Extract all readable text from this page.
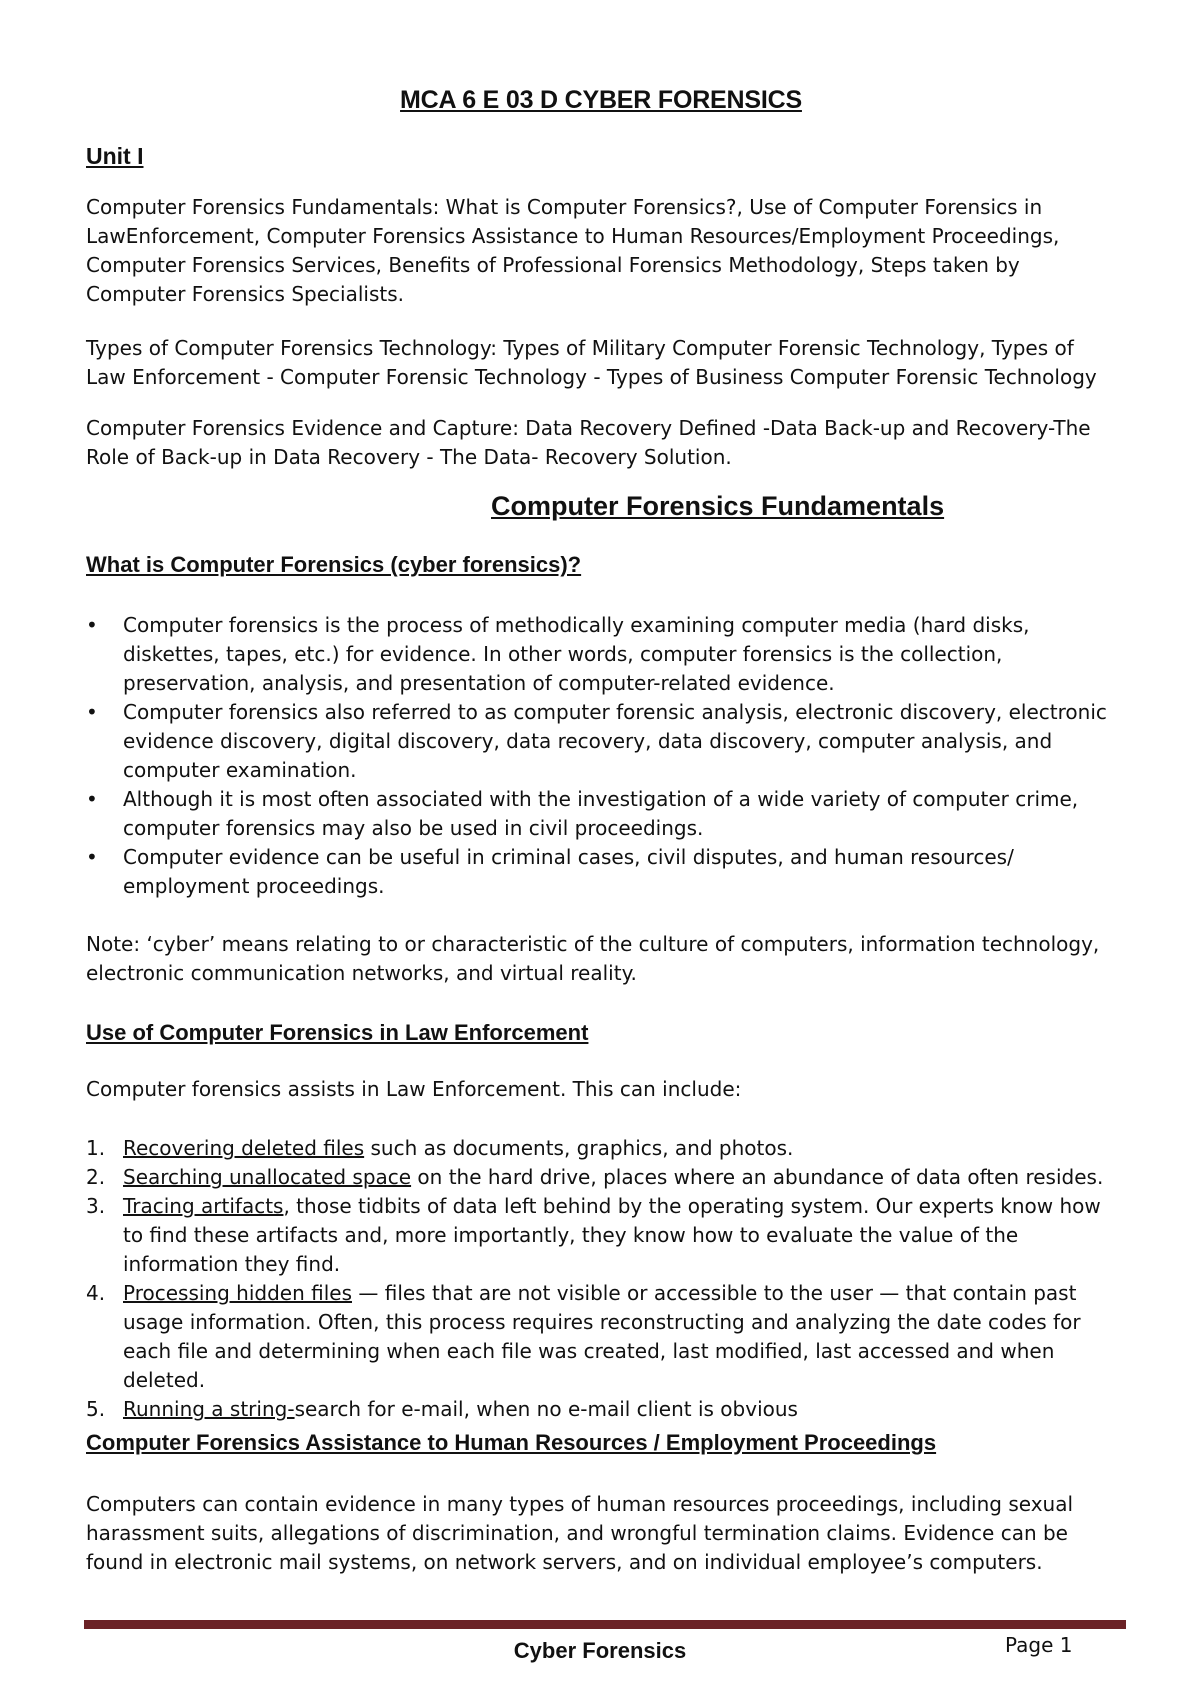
MCA 6 E 03 D CYBER FORENSICS
Unit I

Computer Forensics Fundamentals: What is Computer Forensics?, Use of Computer Forensics in LawEnforcement, Computer Forensics Assistance to Human Resources/Employment Proceedings, Computer Forensics Services, Benefits of Professional Forensics Methodology, Steps taken by Computer Forensics Specialists.

Types of Computer Forensics Technology: Types of Military Computer Forensic Technology, Types of Law Enforcement - Computer Forensic Technology - Types of Business Computer Forensic Technology

Computer Forensics Evidence and Capture: Data Recovery Defined -Data Back-up and Recovery-The Role of Back-up in Data Recovery - The Data- Recovery Solution.

Computer Forensics Fundamentals
What is Computer Forensics (cyber forensics)?
• Computer forensics is the process of methodically examining computer media (hard disks, diskettes, tapes, etc.) for evidence. In other words, computer forensics is the collection, preservation, analysis, and presentation of computer-related evidence.
• Computer forensics also referred to as computer forensic analysis, electronic discovery, electronic evidence discovery, digital discovery, data recovery, data discovery, computer analysis, and computer examination.
• Although it is most often associated with the investigation of a wide variety of computer crime, computer forensics may also be used in civil proceedings.
• Computer evidence can be useful in criminal cases, civil disputes, and human resources/ employment proceedings.

Note: ‘cyber’ means relating to or characteristic of the culture of computers, information technology, electronic communication networks, and virtual reality.

Use of Computer Forensics in Law Enforcement

Computer forensics assists in Law Enforcement. This can include:

1. Recovering deleted files such as documents, graphics, and photos.
2. Searching unallocated space on the hard drive, places where an abundance of data often resides.
3. Tracing artifacts, those tidbits of data left behind by the operating system. Our experts know how to find these artifacts and, more importantly, they know how to evaluate the value of the information they find.
4. Processing hidden files — files that are not visible or accessible to the user — that contain past usage information. Often, this process requires reconstructing and analyzing the date codes for each file and determining when each file was created, last modified, last accessed and when deleted.
5. Running a string-search for e-mail, when no e-mail client is obvious
Computer Forensics Assistance to Human Resources / Employment Proceedings

Computers can contain evidence in many types of human resources proceedings, including sexual harassment suits, allegations of discrimination, and wrongful termination claims. Evidence can be found in electronic mail systems, on network servers, and on individual employee’s computers.

Cyber Forensics	Page 1
